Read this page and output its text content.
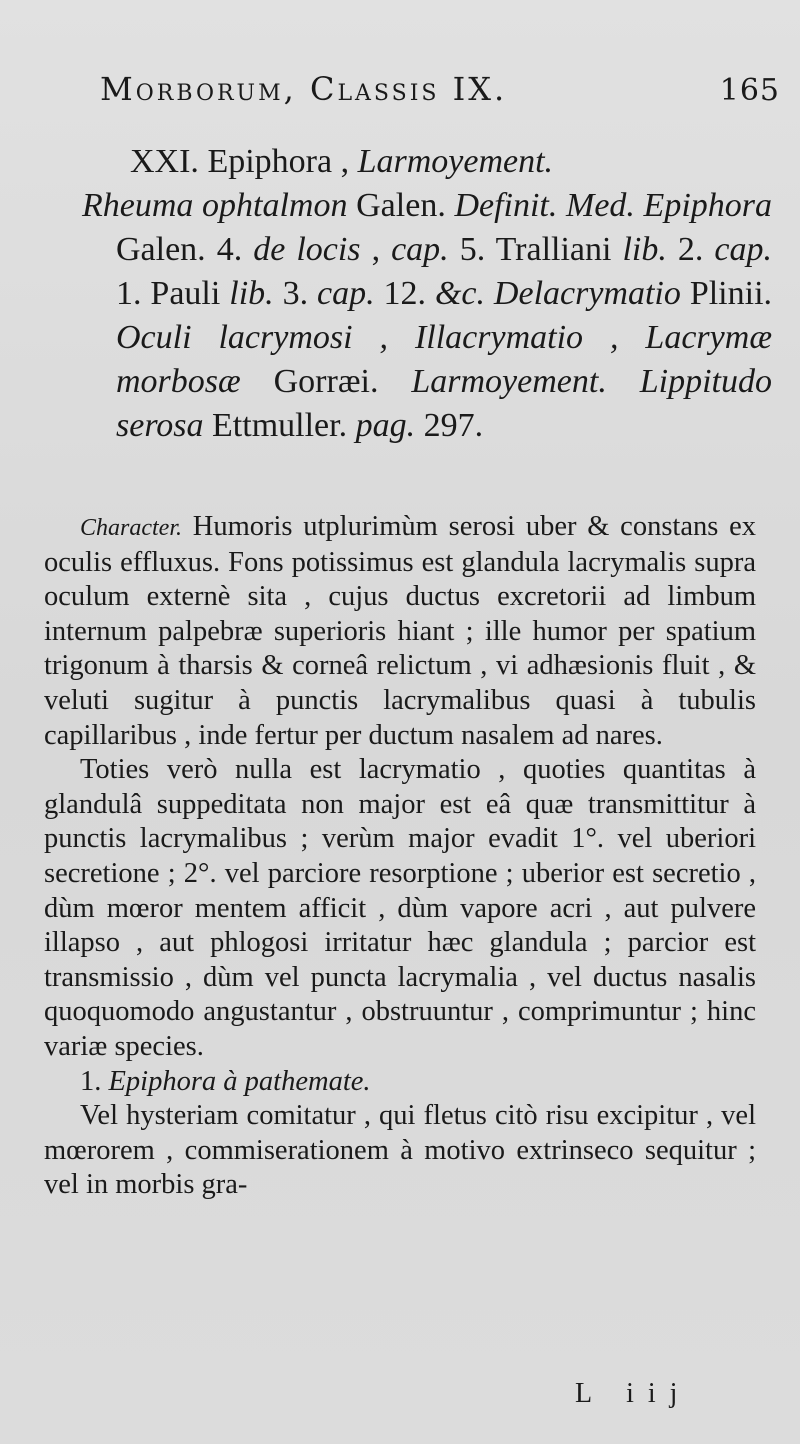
Morborum, Classis IX.	165
XXI. Epiphora , Larmoyement.
Rheuma ophtalmon Galen. Definit. Med. Epiphora Galen. 4. de locis , cap. 5. Tralliani lib. 2. cap. 1. Pauli lib. 3. cap. 12. &c. Delacrymatio Plinii. Oculi lacrymosi , Illacrymatio , Lacrymæ morbosæ Gorræi. Larmoyement. Lippitudo serosa Ettmuller. pag. 297.

Character. Humoris utplurimùm serosi uber & constans ex oculis effluxus. Fons potissimus est glandula lacrymalis supra oculum externè sita , cujus ductus excretorii ad limbum internum palpebræ superioris hiant ; ille humor per spatium trigonum à tharsis & corneâ relictum , vi adhæsionis fluit , & veluti sugitur à punctis lacrymalibus quasi à tubulis capillaribus , inde fertur per ductum nasalem ad nares.

Toties verò nulla est lacrymatio , quoties quantitas à glandulâ suppeditata non major est eâ quæ transmittitur à punctis lacrymalibus ; verùm major evadit 1°. vel uberiori secretione ; 2°. vel parciore resorptione ; uberior est secretio , dùm mœror mentem afficit , dùm vapore acri , aut pulvere illapso , aut phlogosi irritatur hæc glandula ; parcior est transmissio , dùm vel puncta lacrymalia , vel ductus nasalis quoquomodo angustantur , obstruuntur , comprimuntur ; hinc variæ species.

1. Epiphora à pathemate.

Vel hysteriam comitatur , qui fletus citò risu excipitur , vel mœrorem , commiserationem à motivo extrinseco sequitur ; vel in morbis gra-

L iij
